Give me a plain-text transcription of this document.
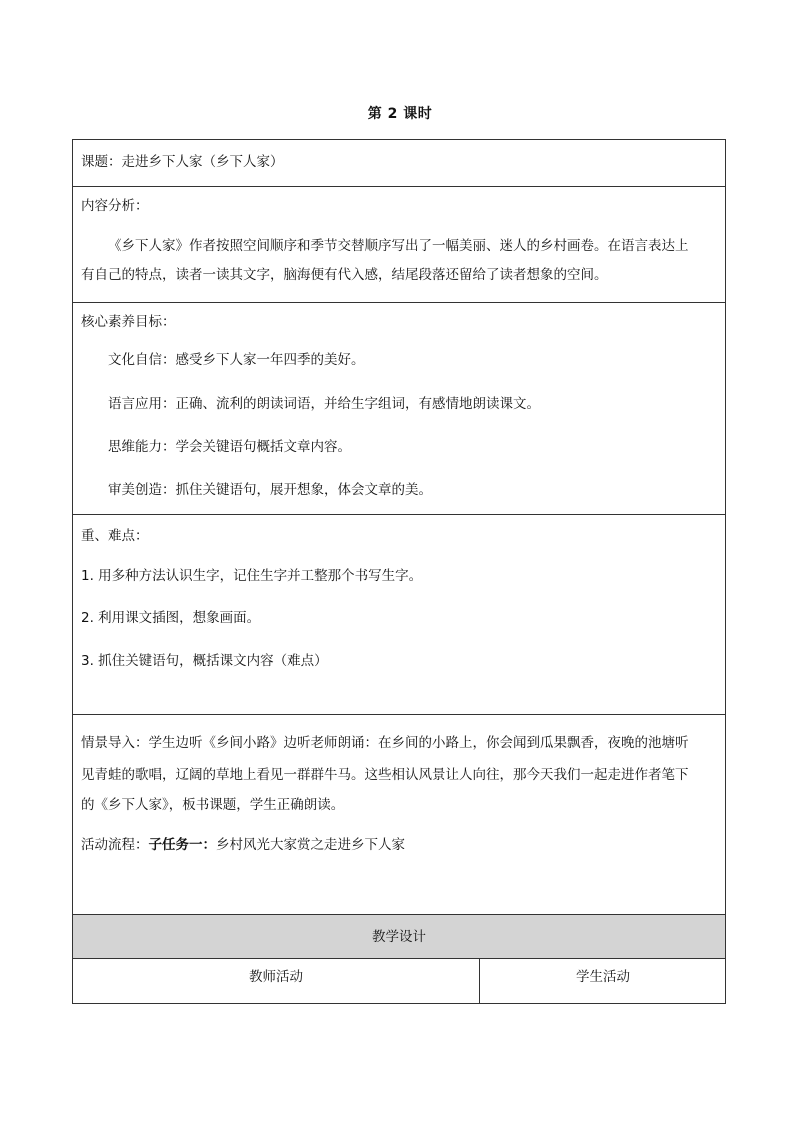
第 2 课时
课题：走进乡下人家（乡下人家）
内容分析：
《乡下人家》作者按照空间顺序和季节交替顺序写出了一幅美丽、迷人的乡村画卷。在语言表达上
有自己的特点，读者一读其文字，脑海便有代入感，结尾段落还留给了读者想象的空间。
核心素养目标：
文化自信：感受乡下人家一年四季的美好。
语言应用：正确、流利的朗读词语，并给生字组词，有感情地朗读课文。
思维能力：学会关键语句概括文章内容。
审美创造：抓住关键语句，展开想象，体会文章的美。
重、难点：
1. 用多种方法认识生字，记住生字并工整那个书写生字。
2. 利用课文插图，想象画面。
3. 抓住关键语句，概括课文内容（难点）
情景导入：学生边听《乡间小路》边听老师朗诵：在乡间的小路上，你会闻到瓜果飘香，夜晚的池塘听
见青蛙的歌唱，辽阔的草地上看见一群群牛马。这些相认风景让人向往，那今天我们一起走进作者笔下
的《乡下人家》，板书课题，学生正确朗读。
活动流程：子任务一：乡村风光大家赏之走进乡下人家
教学设计
教师活动	学生活动
